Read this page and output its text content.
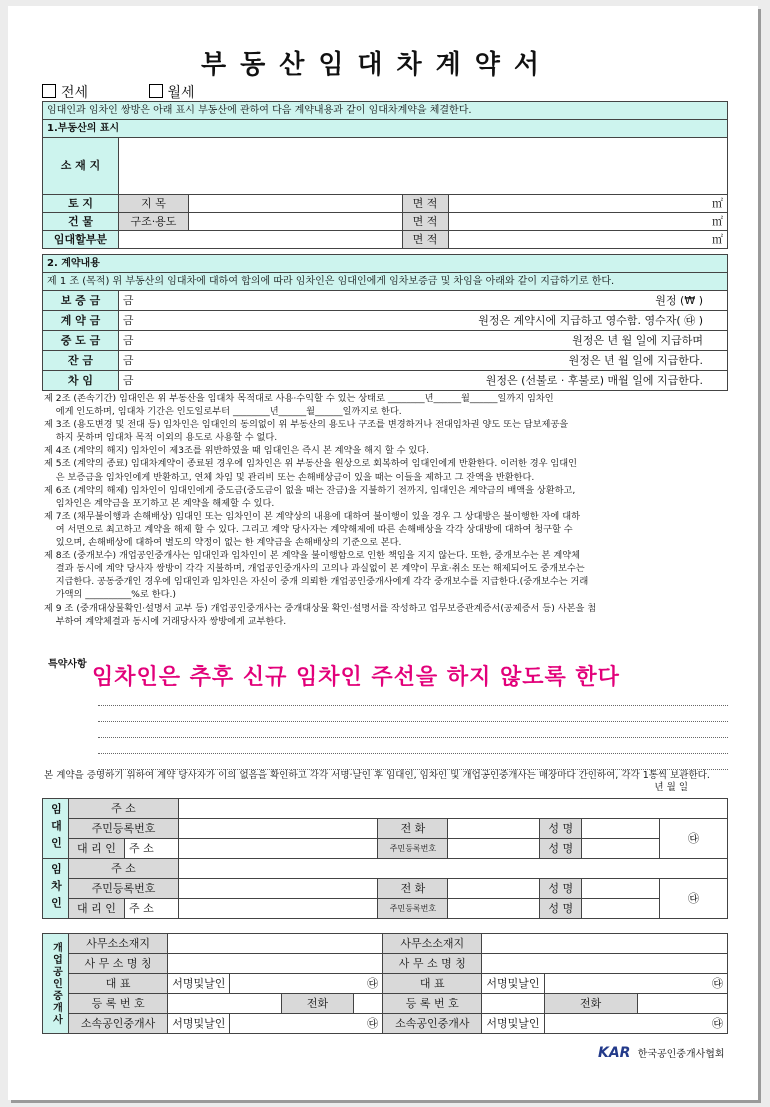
부동산임대차계약서
전세	월세
임대인과 임차인 쌍방은 아래 표시 부동산에 관하여 다음 계약내용과 같이 임대차계약을 체결한다.				
1.부동산의 표시				
소 재 지				
토 지	지 목		면 적	㎡
건 물	구조·용도		면 적	㎡
임대할부분			면 적	㎡
2. 계약내용		
제 1 조 (목적) 위 부동산의 임대차에 대하여 합의에 따라 임차인은 임대인에게 임차보증금 및 차임을 아래와 같이 지급하기로 한다.		
보 증 금	금	원정 (₩ )
계 약 금	금	원정은 계약시에 지급하고 영수함. 영수자( ㉰ )
중 도 금	금	원정은 년 월 일에 지급하며
잔 금	금	원정은 년 월 일에 지급한다.
차 임	금	원정은 (선불로 · 후불로) 매월 일에 지급한다.

제 2조 (존속기간) 임대인은 위 부동산을 임대차 목적대로 사용·수익할 수 있는 상태로 ________년______월______일까지 임차인

에게 인도하며, 임대차 기간은 인도일로부터 ________년______월______일까지로 한다.

제 3조 (용도변경 및 전대 등) 임차인은 임대인의 동의없이 위 부동산의 용도나 구조를 변경하거나 전대임차권 양도 또는 담보제공을

하지 못하며 임대차 목적 이외의 용도로 사용할 수 없다.

제 4조 (계약의 해지) 임차인이 제3조를 위반하였을 때 임대인은 즉시 본 계약을 해지 할 수 있다.

제 5조 (계약의 종료) 임대차계약이 종료된 경우에 임차인은 위 부동산을 원상으로 회복하여 임대인에게 반환한다. 이러한 경우 임대인

은 보증금을 임차인에게 반환하고, 연체 차임 및 관리비 또는 손해배상금이 있을 때는 이들을 제하고 그 잔액을 반환한다.

제 6조 (계약의 해제) 임차인이 임대인에게 중도금(중도금이 없을 때는 잔금)을 지불하기 전까지, 임대인은 계약금의 배액을 상환하고,

임차인은 계약금을 포기하고 본 계약을 해제할 수 있다.

제 7조 (채무불이행과 손해배상) 임대인 또는 임차인이 본 계약상의 내용에 대하여 불이행이 있을 경우 그 상대방은 불이행한 자에 대하

여 서면으로 최고하고 계약을 해제 할 수 있다. 그리고 계약 당사자는 계약해제에 따른 손해배상을 각각 상대방에 대하여 청구할 수

있으며, 손해배상에 대하여 별도의 약정이 없는 한 계약금을 손해배상의 기준으로 본다.

제 8조 (중개보수) 개업공인중개사는 임대인과 임차인이 본 계약을 불이행함으로 인한 책임을 지지 않는다. 또한, 중개보수는 본 계약체

결과 동시에 계약 당사자 쌍방이 각각 지불하며, 개업공인중개사의 고의나 과실없이 본 계약이 무효·취소 또는 해제되어도 중개보수는

지급한다. 공동중개인 경우에 임대인과 임차인은 자신이 중개 의뢰한 개업공인중개사에게 각각 중개보수를 지급한다.(중개보수는 거래

가액의 __________%로 한다.)

제 9 조 (중개대상물확인·설명서 교부 등) 개업공인중개사는 중개대상물 확인·설명서를 작성하고 업무보증관계증서(공제증서 등) 사본을 첨

부하여 계약체결과 동시에 거래당사자 쌍방에게 교부한다.

특약사항
임차인은 추후 신규 임차인 주선을 하지 않도록 한다
본 계약을 증명하기 위하여 계약 당사자가 이의 없음을 확인하고 각각 서명·날인 후 임대인, 임차인 및 개업공인중개사는 매장마다 간인하여, 각각 1통씩 보관한다.
년 월 일
임대인	주 소							
	주민등록번호			전 화		성 명		㉰
	대 리 인	주 소		주민등록번호		성 명		
임차인	주 소							
	주민등록번호			전 화		성 명		㉰
	대 리 인	주 소		주민등록번호		성 명		
개업공인중개사	사무소소재지					사무소소재지			
	사 무 소 명 칭					사 무 소 명 칭			
	대 표	서명및날인	㉰			대 표	서명및날인	㉰	
	등 록 번 호			전화		등 록 번 호		전화	
	소속공인중개사	서명및날인	㉰			소속공인중개사	서명및날인	㉰	
KAR 한국공인중개사협회
